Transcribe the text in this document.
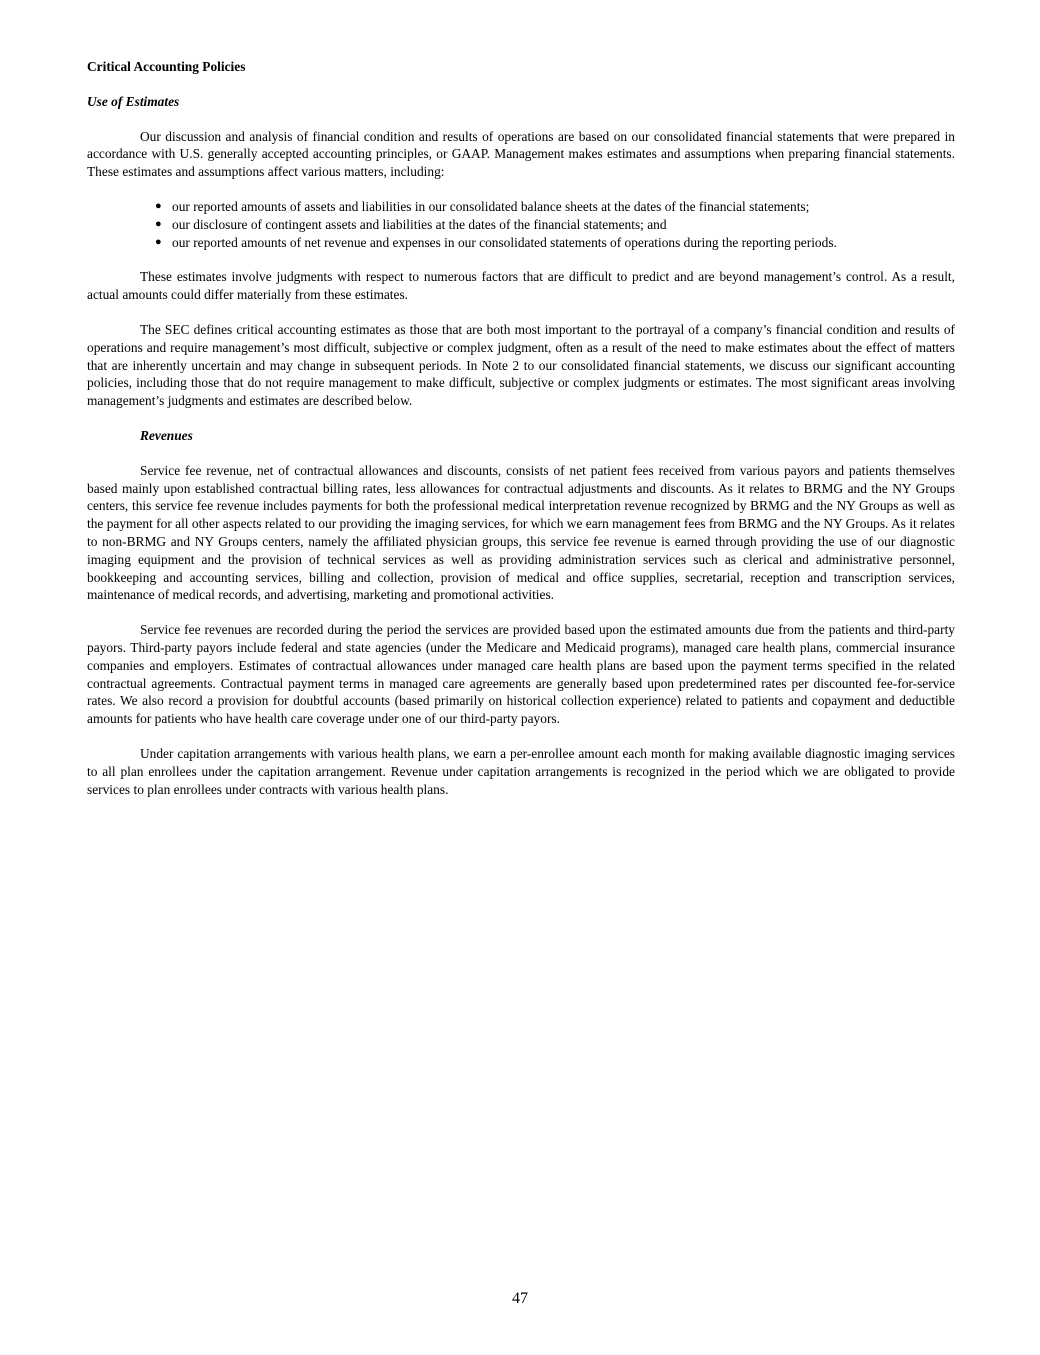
Critical Accounting Policies

Use of Estimates

Our discussion and analysis of financial condition and results of operations are based on our consolidated financial statements that were prepared in accordance with U.S. generally accepted accounting principles, or GAAP. Management makes estimates and assumptions when preparing financial statements. These estimates and assumptions affect various matters, including:

● our reported amounts of assets and liabilities in our consolidated balance sheets at the dates of the financial statements;
● our disclosure of contingent assets and liabilities at the dates of the financial statements; and
● our reported amounts of net revenue and expenses in our consolidated statements of operations during the reporting periods.

These estimates involve judgments with respect to numerous factors that are difficult to predict and are beyond management’s control. As a result, actual amounts could differ materially from these estimates.

The SEC defines critical accounting estimates as those that are both most important to the portrayal of a company’s financial condition and results of operations and require management’s most difficult, subjective or complex judgment, often as a result of the need to make estimates about the effect of matters that are inherently uncertain and may change in subsequent periods. In Note 2 to our consolidated financial statements, we discuss our significant accounting policies, including those that do not require management to make difficult, subjective or complex judgments or estimates. The most significant areas involving management’s judgments and estimates are described below.

Revenues

Service fee revenue, net of contractual allowances and discounts, consists of net patient fees received from various payors and patients themselves based mainly upon established contractual billing rates, less allowances for contractual adjustments and discounts. As it relates to BRMG and the NY Groups centers, this service fee revenue includes payments for both the professional medical interpretation revenue recognized by BRMG and the NY Groups as well as the payment for all other aspects related to our providing the imaging services, for which we earn management fees from BRMG and the NY Groups. As it relates to non-BRMG and NY Groups centers, namely the affiliated physician groups, this service fee revenue is earned through providing the use of our diagnostic imaging equipment and the provision of technical services as well as providing administration services such as clerical and administrative personnel, bookkeeping and accounting services, billing and collection, provision of medical and office supplies, secretarial, reception and transcription services, maintenance of medical records, and advertising, marketing and promotional activities.

Service fee revenues are recorded during the period the services are provided based upon the estimated amounts due from the patients and third-party payors. Third-party payors include federal and state agencies (under the Medicare and Medicaid programs), managed care health plans, commercial insurance companies and employers. Estimates of contractual allowances under managed care health plans are based upon the payment terms specified in the related contractual agreements. Contractual payment terms in managed care agreements are generally based upon predetermined rates per discounted fee-for-service rates. We also record a provision for doubtful accounts (based primarily on historical collection experience) related to patients and copayment and deductible amounts for patients who have health care coverage under one of our third-party payors.

Under capitation arrangements with various health plans, we earn a per-enrollee amount each month for making available diagnostic imaging services to all plan enrollees under the capitation arrangement. Revenue under capitation arrangements is recognized in the period which we are obligated to provide services to plan enrollees under contracts with various health plans.

47
